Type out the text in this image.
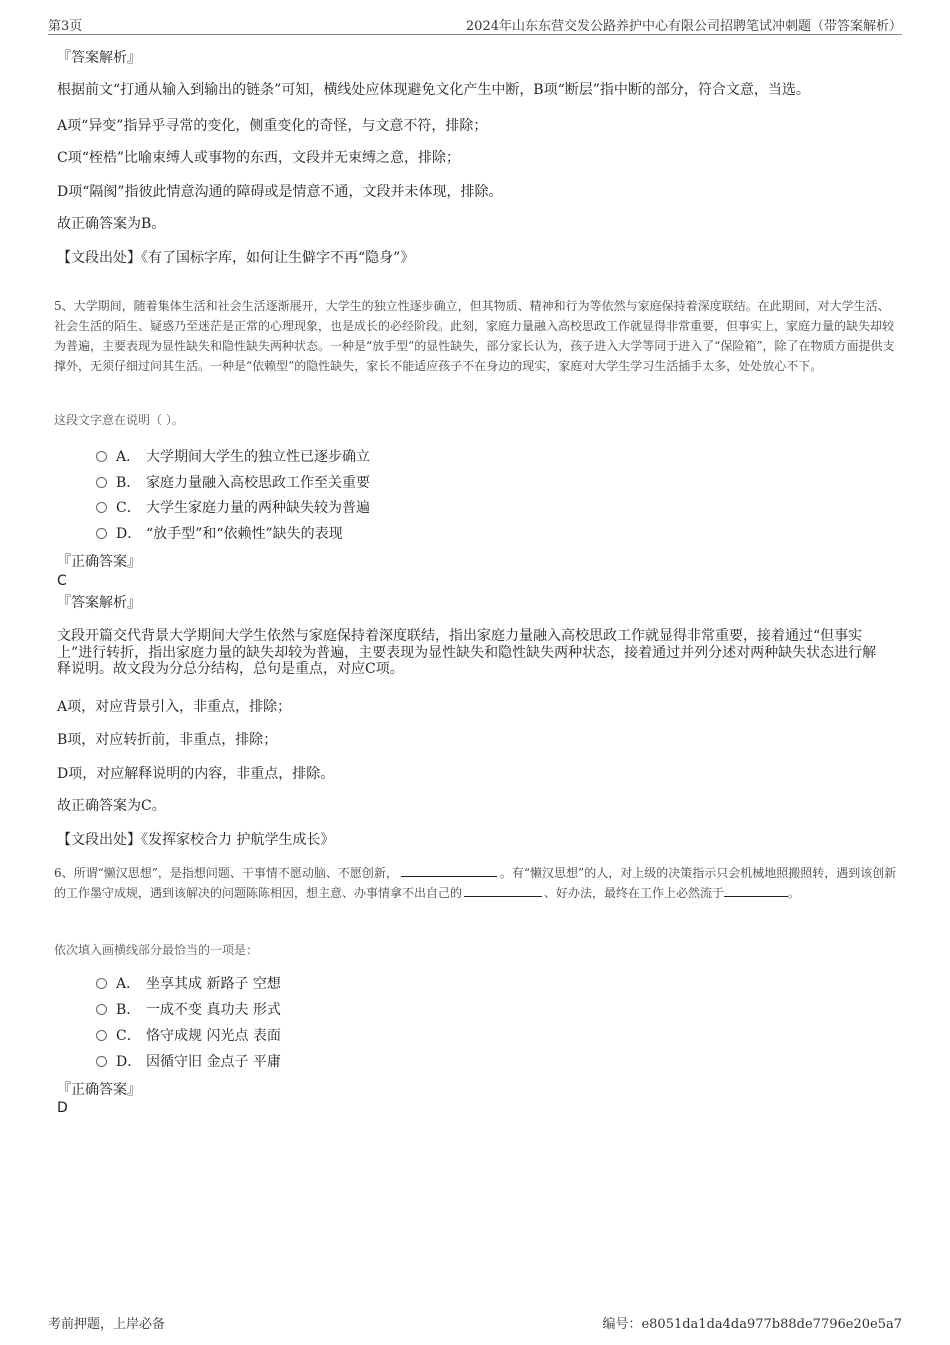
第3页	2024年山东东营交发公路养护中心有限公司招聘笔试冲刺题（带答案解析）
『答案解析』
根据前文“打通从输入到输出的链条”可知，横线处应体现避免文化产生中断，B项“断层”指中断的部分，符合文意，当选。
A项“异变”指异乎寻常的变化，侧重变化的奇怪，与文意不符，排除；
C项“桎梏”比喻束缚人或事物的东西，文段并无束缚之意，排除；
D项“隔阂”指彼此情意沟通的障碍或是情意不通，文段并未体现，排除。
故正确答案为B。
【文段出处】《有了国标字库，如何让生僻字不再“隐身”》
5、大学期间，随着集体生活和社会生活逐渐展开，大学生的独立性逐步确立，但其物质、精神和行为等依然与家庭保持着深度联结。在此期间，对大学生活、社会生活的陌生、疑惑乃至迷茫是正常的心理现象，也是成长的必经阶段。此刻，家庭力量融入高校思政工作就显得非常重要，但事实上，家庭力量的缺失却较为普遍，主要表现为显性缺失和隐性缺失两种状态。一种是“放手型”的显性缺失，部分家长认为，孩子进入大学等同于进入了“保险箱”，除了在物质方面提供支撑外，无须仔细过问其生活。一种是“依赖型”的隐性缺失，家长不能适应孩子不在身边的现实，家庭对大学生学习生活插手太多，处处放心不下。
这段文字意在说明（ ）。
A． 大学期间大学生的独立性已逐步确立
B． 家庭力量融入高校思政工作至关重要
C． 大学生家庭力量的两种缺失较为普遍
D． “放手型”和“依赖性”缺失的表现
『正确答案』
C
『答案解析』
文段开篇交代背景大学期间大学生依然与家庭保持着深度联结，指出家庭力量融入高校思政工作就显得非常重要，接着通过“但事实上”进行转折，指出家庭力量的缺失却较为普遍，主要表现为显性缺失和隐性缺失两种状态，接着通过并列分述对两种缺失状态进行解释说明。故文段为分总分结构，总句是重点，对应C项。
A项，对应背景引入，非重点，排除；
B项，对应转折前，非重点，排除；
D项，对应解释说明的内容，非重点，排除。
故正确答案为C。
【文段出处】《发挥家校合力 护航学生成长》
6、所谓“懒汉思想”，是指想问题、干事情不愿动脑、不愿创新，	。有“懒汉思想”的人，对上级的决策指示只会机械地照搬照转，遇到该创新的工作墨守成规，遇到该解决的问题陈陈相因，想主意、办事情拿不出自己的	、好办法，最终在工作上必然流于	。
依次填入画横线部分最恰当的一项是：
A． 坐享其成 新路子 空想
B． 一成不变 真功夫 形式
C． 恪守成规 闪光点 表面
D． 因循守旧 金点子 平庸
『正确答案』
D
考前押题，上岸必备	编号：e8051da1da4da977b88de7796e20e5a7
